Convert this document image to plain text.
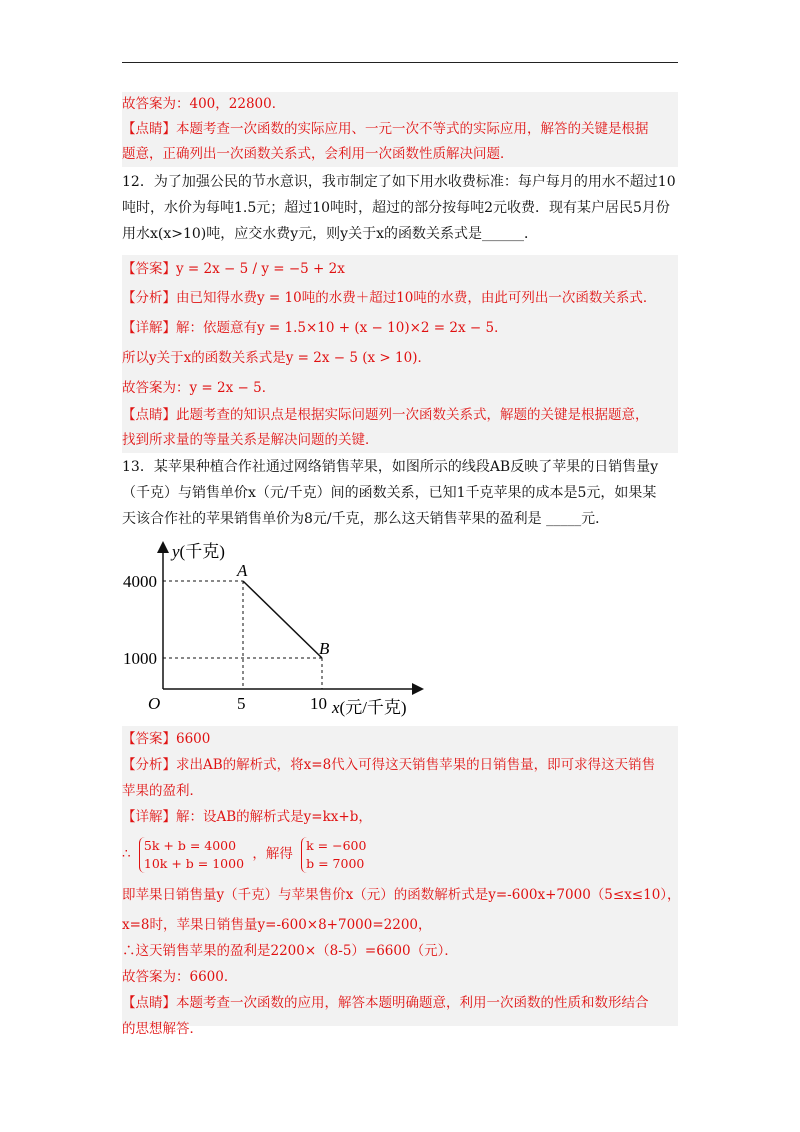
故答案为：400，22800．

【点睛】本题考查一次函数的实际应用、一元一次不等式的实际应用，解答的关键是根据

题意，正确列出一次函数关系式，会利用一次函数性质解决问题．

12．为了加强公民的节水意识，我市制定了如下用水收费标准：每户每月的用水不超过10

吨时，水价为每吨1.5元；超过10吨时，超过的部分按每吨2元收费．现有某户居民5月份

用水x(x>10)吨，应交水费y元，则y关于x的函数关系式是______．

【答案】y = 2x − 5 / y = −5 + 2x

【分析】由已知得水费y = 10吨的水费＋超过10吨的水费，由此可列出一次函数关系式．

【详解】解：依题意有y = 1.5×10 + (x − 10)×2 = 2x − 5．

所以y关于x的函数关系式是y = 2x − 5 (x > 10)．

故答案为：y = 2x − 5．

【点睛】此题考查的知识点是根据实际问题列一次函数关系式，解题的关键是根据题意，

找到所求量的等量关系是解决问题的关键．

13．某苹果种植合作社通过网络销售苹果，如图所示的线段AB反映了苹果的日销售量y

（千克）与销售单价x（元/千克）间的函数关系，已知1千克苹果的成本是5元，如果某

天该合作社的苹果销售单价为8元/千克，那么这天销售苹果的盈利是 _____元．

y(千克)
4000
1000
O	5	10 x(元/千克)
A
B

【答案】6600

【分析】求出AB的解析式，将x=8代入可得这天销售苹果的日销售量，即可求得这天销售

苹果的盈利．

【详解】解：设AB的解析式是y=kx+b，

∴ 5k + b = 4000
10k + b = 1000 ，解得 k = −600
b = 7000

即苹果日销售量y（千克）与苹果售价x（元）的函数解析式是y=-600x+7000（5≤x≤10），

x=8时，苹果日销售量y=-600×8+7000=2200，

∴这天销售苹果的盈利是2200×（8-5）=6600（元）．

故答案为：6600．

【点睛】本题考查一次函数的应用，解答本题明确题意，利用一次函数的性质和数形结合

的思想解答．
